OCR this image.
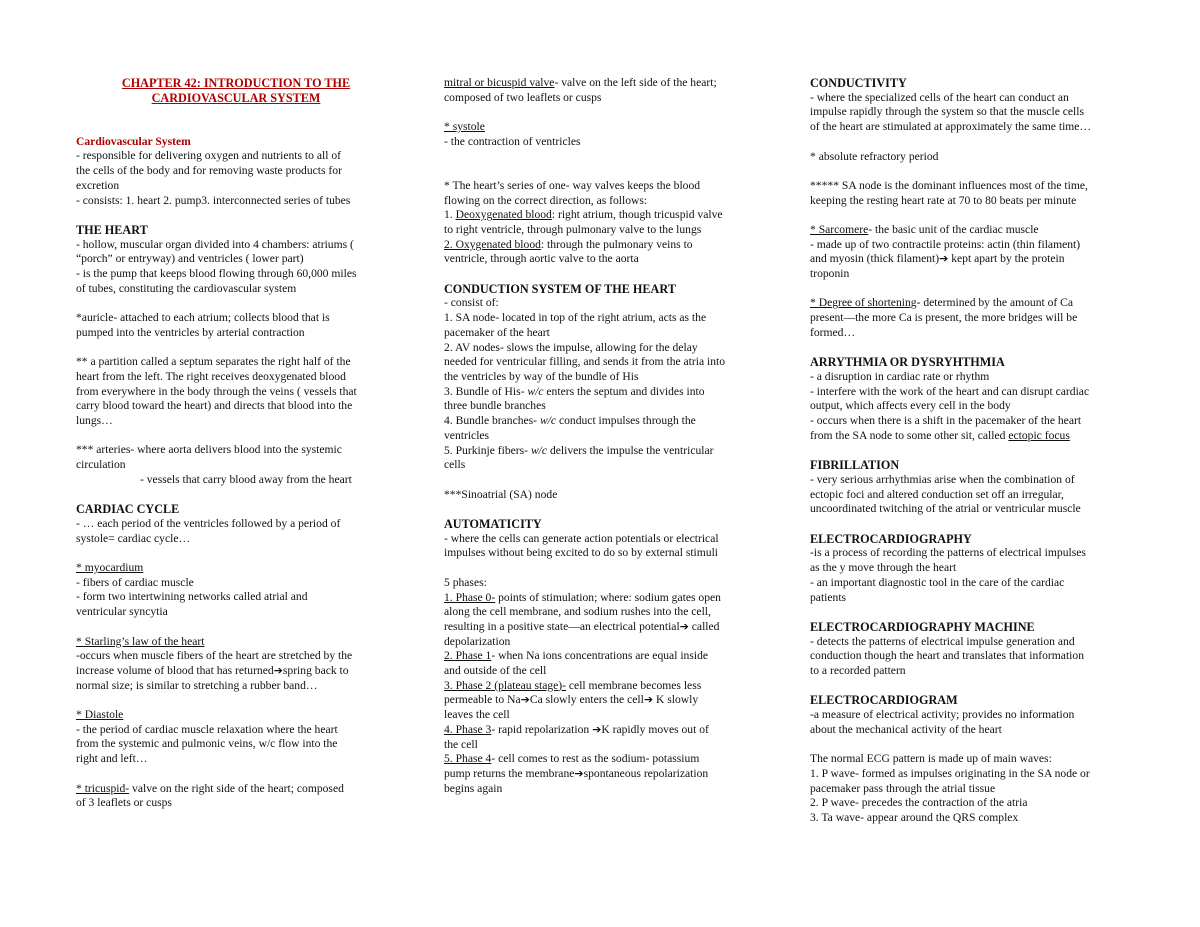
CHAPTER 42: INTRODUCTION TO THE

CARDIOVASCULAR SYSTEM

Cardiovascular System

- responsible for delivering oxygen and nutrients to all of

the cells of the body and for removing waste products for

excretion

- consists: 1. heart 2. pump3. interconnected series of tubes

THE HEART

- hollow, muscular organ divided into 4 chambers: atriums (

“porch” or entryway) and ventricles ( lower part)

- is the pump that keeps blood flowing through 60,000 miles

of tubes, constituting the cardiovascular system

*auricle- attached to each atrium; collects blood that is

pumped into the ventricles by arterial contraction

** a partition called a septum separates the right half of the

heart from the left. The right receives deoxygenated blood

from everywhere in the body through the veins ( vessels that

carry blood toward the heart) and directs that blood into the

lungs…

*** arteries- where aorta delivers blood into the systemic

circulation

- vessels that carry blood away from the heart

CARDIAC CYCLE

- … each period of the ventricles followed by a period of

systole= cardiac cycle…

* myocardium

- fibers of cardiac muscle

- form two intertwining networks called atrial and

ventricular syncytia

* Starling’s law of the heart

-occurs when muscle fibers of the heart are stretched by the

increase volume of blood that has returned➔spring back to

normal size; is similar to stretching a rubber band…

* Diastole

- the period of cardiac muscle relaxation where the heart

from the systemic and pulmonic veins, w/c flow into the

right and left…

* tricuspid- valve on the right side of the heart; composed

of 3 leaflets or cusps

mitral or bicuspid valve- valve on the left side of the heart;

composed of two leaflets or cusps

* systole

- the contraction of ventricles

* The heart’s series of one- way valves keeps the blood

flowing on the correct direction, as follows:

1. Deoxygenated blood: right atrium, though tricuspid valve

to right ventricle, through pulmonary valve to the lungs

2. Oxygenated blood: through the pulmonary veins to

ventricle, through aortic valve to the aorta

CONDUCTION SYSTEM OF THE HEART

- consist of:

1. SA node- located in top of the right atrium, acts as the

pacemaker of the heart

2. AV nodes- slows the impulse, allowing for the delay

needed for ventricular filling, and sends it from the atria into

the ventricles by way of the bundle of His

3. Bundle of His- w/c enters the septum and divides into

three bundle branches

4. Bundle branches- w/c conduct impulses through the

ventricles

5. Purkinje fibers- w/c delivers the impulse the ventricular

cells

***Sinoatrial (SA) node

AUTOMATICITY

- where the cells can generate action potentials or electrical

impulses without being excited to do so by external stimuli

5 phases:

1. Phase 0- points of stimulation; where: sodium gates open

along the cell membrane, and sodium rushes into the cell,

resulting in a positive state—an electrical potential➔ called

depolarization

2. Phase 1- when Na ions concentrations are equal inside

and outside of the cell

3. Phase 2 (plateau stage)- cell membrane becomes less

permeable to Na➔Ca slowly enters the cell➔ K slowly

leaves the cell

4. Phase 3- rapid repolarization ➔K rapidly moves out of

the cell

5. Phase 4- cell comes to rest as the sodium- potassium

pump returns the membrane➔spontaneous repolarization

begins again

CONDUCTIVITY

- where the specialized cells of the heart can conduct an

impulse rapidly through the system so that the muscle cells

of the heart are stimulated at approximately the same time…

* absolute refractory period

***** SA node is the dominant influences most of the time,

keeping the resting heart rate at 70 to 80 beats per minute

* Sarcomere- the basic unit of the cardiac muscle

- made up of two contractile proteins: actin (thin filament)

and myosin (thick filament)➔ kept apart by the protein

troponin

* Degree of shortening- determined by the amount of Ca

present—the more Ca is present, the more bridges will be

formed…

ARRYTHMIA OR DYSRYHTHMIA

- a disruption in cardiac rate or rhythm

- interfere with the work of the heart and can disrupt cardiac

output, which affects every cell in the body

- occurs when there is a shift in the pacemaker of the heart

from the SA node to some other sit, called ectopic focus

FIBRILLATION

- very serious arrhythmias arise when the combination of

ectopic foci and altered conduction set off an irregular,

uncoordinated twitching of the atrial or ventricular muscle

ELECTROCARDIOGRAPHY

-is a process of recording the patterns of electrical impulses

as the y move through the heart

- an important diagnostic tool in the care of the cardiac

patients

ELECTROCARDIOGRAPHY MACHINE

- detects the patterns of electrical impulse generation and

conduction though the heart and translates that information

to a recorded pattern

ELECTROCARDIOGRAM

-a measure of electrical activity; provides no information

about the mechanical activity of the heart

The normal ECG pattern is made up of main waves:

1. P wave- formed as impulses originating in the SA node or

pacemaker pass through the atrial tissue

2. P wave- precedes the contraction of the atria

3. Ta wave- appear around the QRS complex
